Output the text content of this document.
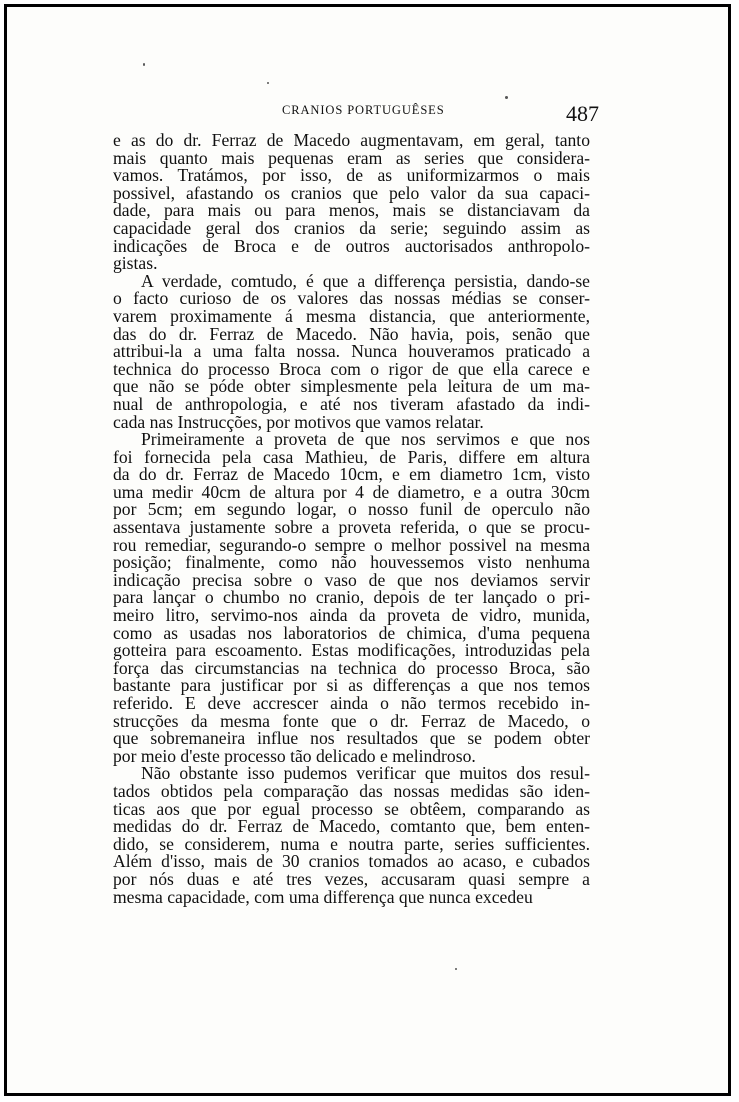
CRANIOS PORTUGUÊSES	487
e as do dr. Ferraz de Macedo augmentavam, em geral, tanto
mais quanto mais pequenas eram as series que considera-
vamos. Tratámos, por isso, de as uniformizarmos o mais
possivel, afastando os cranios que pelo valor da sua capaci-
dade, para mais ou para menos, mais se distanciavam da
capacidade geral dos cranios da serie; seguindo assim as
indicações de Broca e de outros auctorisados anthropolo-
gistas.
A verdade, comtudo, é que a differença persistia, dando-se
o facto curioso de os valores das nossas médias se conser-
varem proximamente á mesma distancia, que anteriormente,
das do dr. Ferraz de Macedo. Não havia, pois, senão que
attribui-la a uma falta nossa. Nunca houveramos praticado a
technica do processo Broca com o rigor de que ella carece e
que não se póde obter simplesmente pela leitura de um ma-
nual de anthropologia, e até nos tiveram afastado da indi-
cada nas Instrucções, por motivos que vamos relatar.
Primeiramente a proveta de que nos servimos e que nos
foi fornecida pela casa Mathieu, de Paris, differe em altura
da do dr. Ferraz de Macedo 10cm, e em diametro 1cm, visto
uma medir 40cm de altura por 4 de diametro, e a outra 30cm
por 5cm; em segundo logar, o nosso funil de operculo não
assentava justamente sobre a proveta referida, o que se procu-
rou remediar, segurando-o sempre o melhor possivel na mesma
posição; finalmente, como não houvessemos visto nenhuma
indicação precisa sobre o vaso de que nos deviamos servir
para lançar o chumbo no cranio, depois de ter lançado o pri-
meiro litro, servimo-nos ainda da proveta de vidro, munida,
como as usadas nos laboratorios de chimica, d'uma pequena
gotteira para escoamento. Estas modificações, introduzidas pela
força das circumstancias na technica do processo Broca, são
bastante para justificar por si as differenças a que nos temos
referido. E deve accrescer ainda o não termos recebido in-
strucções da mesma fonte que o dr. Ferraz de Macedo, o
que sobremaneira influe nos resultados que se podem obter
por meio d'este processo tão delicado e melindroso.
Não obstante isso pudemos verificar que muitos dos resul-
tados obtidos pela comparação das nossas medidas são iden-
ticas aos que por egual processo se obtêem, comparando as
medidas do dr. Ferraz de Macedo, comtanto que, bem enten-
dido, se considerem, numa e noutra parte, series sufficientes.
Além d'isso, mais de 30 cranios tomados ao acaso, e cubados
por nós duas e até tres vezes, accusaram quasi sempre a
mesma capacidade, com uma differença que nunca excedeu
